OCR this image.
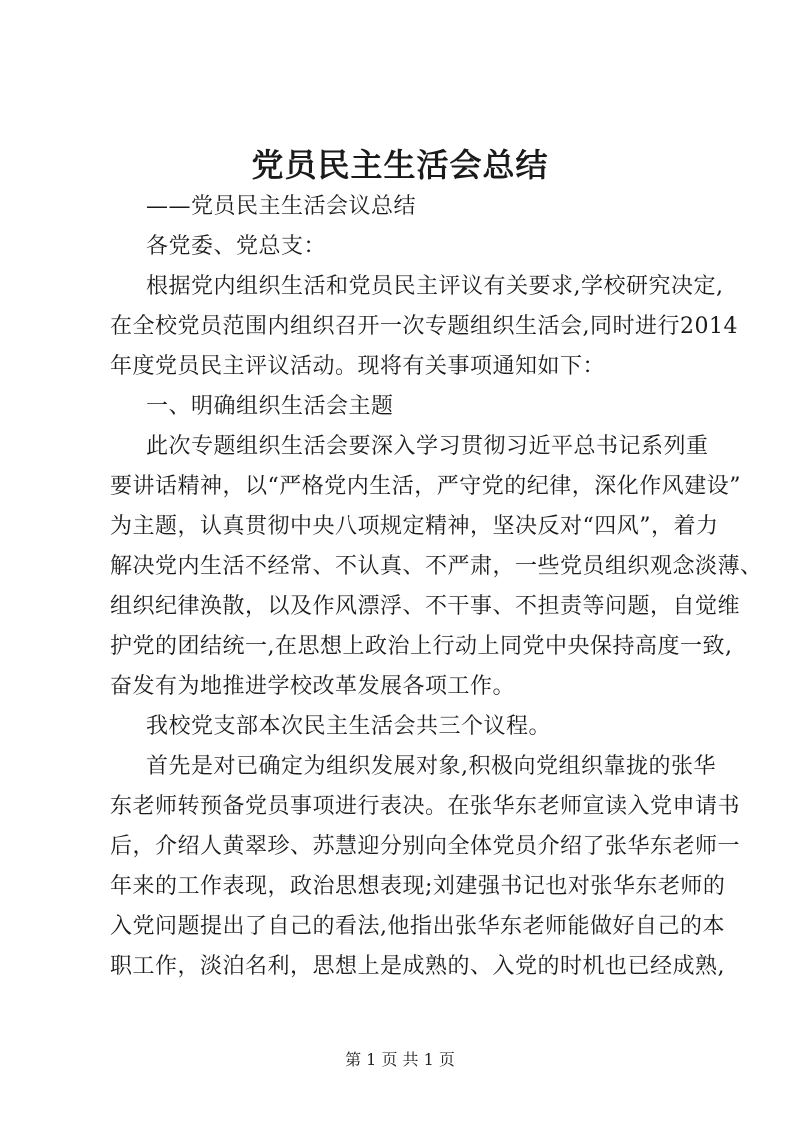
党员民主生活会总结
——党员民主生活会议总结
各党委、党总支：
根据党内组织生活和党员民主评议有关要求,学校研究决定,
在全校党员范围内组织召开一次专题组织生活会,同时进行2014
年度党员民主评议活动。现将有关事项通知如下：
一、明确组织生活会主题
此次专题组织生活会要深入学习贯彻习近平总书记系列重
要讲话精神，以“严格党内生活，严守党的纪律，深化作风建设”
为主题，认真贯彻中央八项规定精神，坚决反对“四风”，着力
解决党内生活不经常、不认真、不严肃，一些党员组织观念淡薄、
组织纪律涣散，以及作风漂浮、不干事、不担责等问题，自觉维
护党的团结统一,在思想上政治上行动上同党中央保持高度一致,
奋发有为地推进学校改革发展各项工作。
我校党支部本次民主生活会共三个议程。
首先是对已确定为组织发展对象,积极向党组织靠拢的张华
东老师转预备党员事项进行表决。在张华东老师宣读入党申请书
后，介绍人黄翠珍、苏慧迎分别向全体党员介绍了张华东老师一
年来的工作表现，政治思想表现;刘建强书记也对张华东老师的
入党问题提出了自己的看法,他指出张华东老师能做好自己的本
职工作，淡泊名利，思想上是成熟的、入党的时机也已经成熟,
第 1 页 共 1 页
